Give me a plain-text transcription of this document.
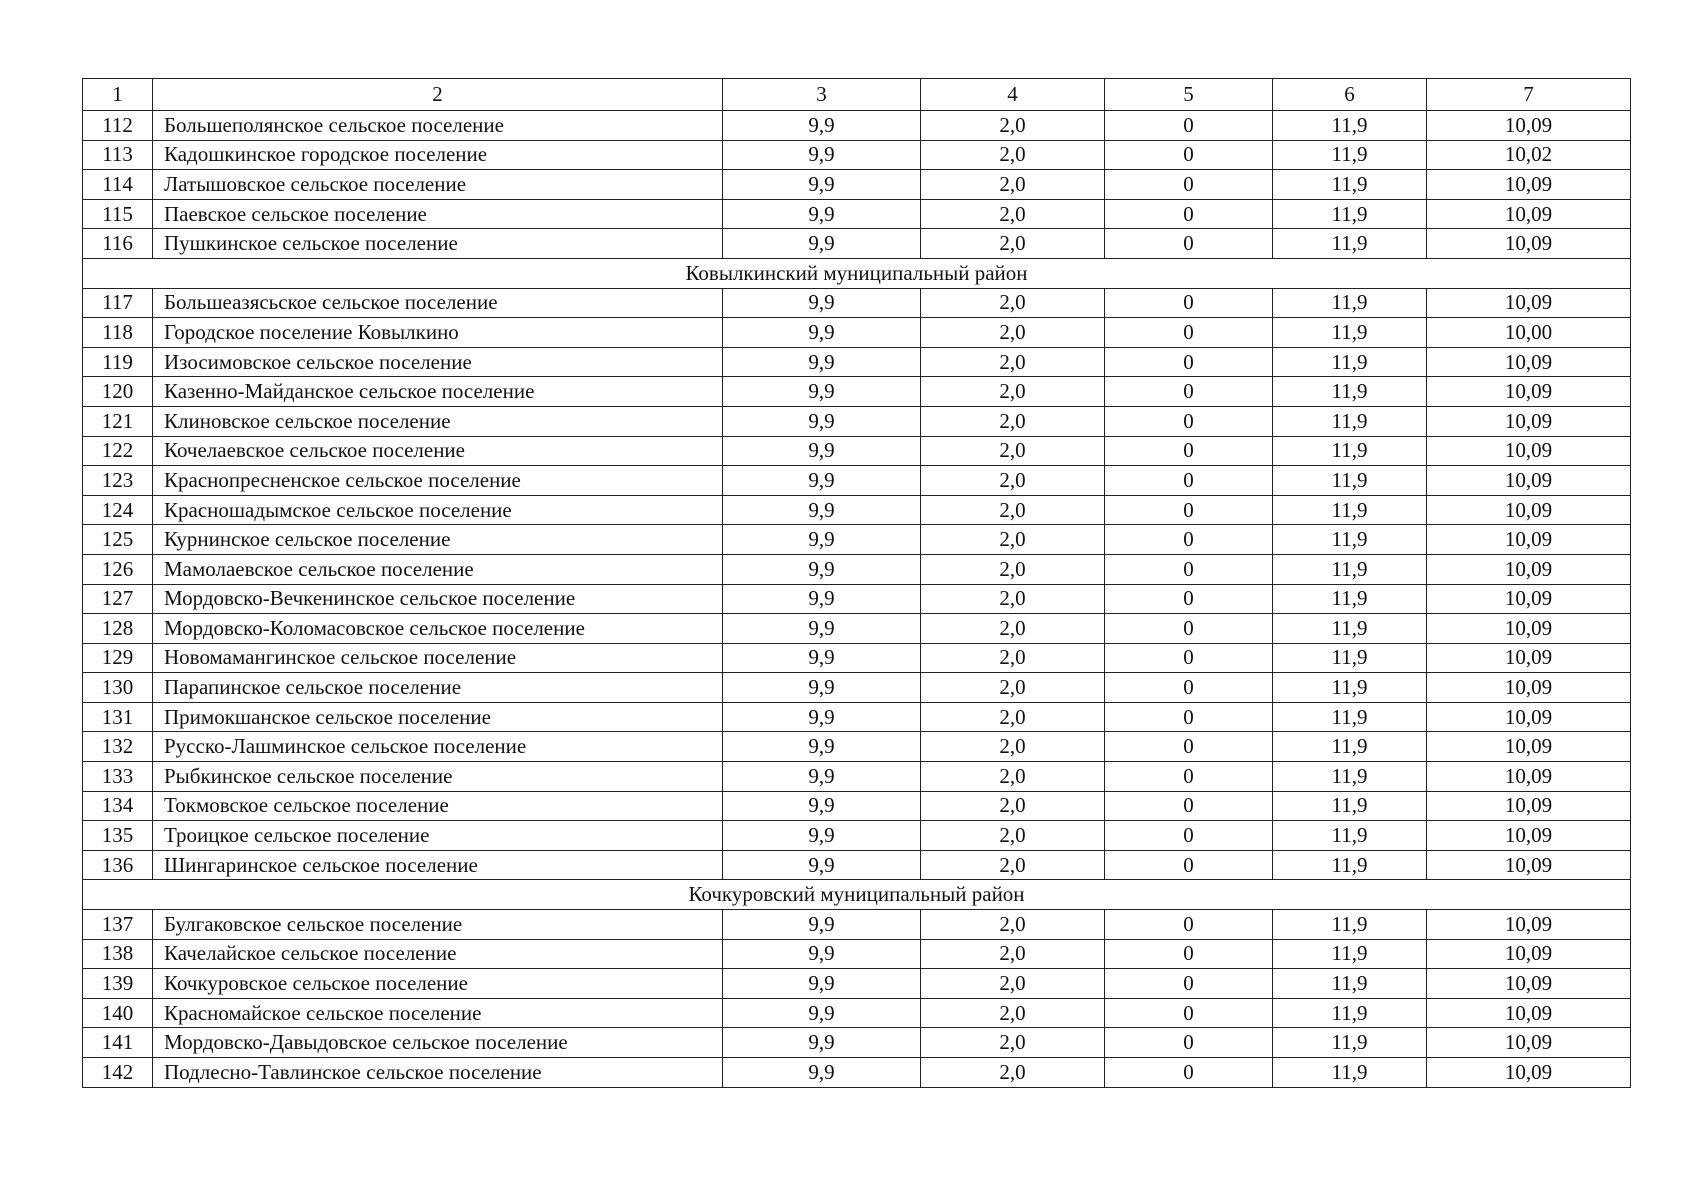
1	2	3	4	5	6	7
112	Большеполянское сельское поселение	9,9	2,0	0	11,9	10,09
113	Кадошкинское городское поселение	9,9	2,0	0	11,9	10,02
114	Латышовское сельское поселение	9,9	2,0	0	11,9	10,09
115	Паевское сельское поселение	9,9	2,0	0	11,9	10,09
116	Пушкинское сельское поселение	9,9	2,0	0	11,9	10,09
Ковылкинский муниципальный район						
117	Большеазясьское сельское поселение	9,9	2,0	0	11,9	10,09
118	Городское поселение Ковылкино	9,9	2,0	0	11,9	10,00
119	Изосимовское сельское поселение	9,9	2,0	0	11,9	10,09
120	Казенно-Майданское сельское поселение	9,9	2,0	0	11,9	10,09
121	Клиновское сельское поселение	9,9	2,0	0	11,9	10,09
122	Кочелаевское сельское поселение	9,9	2,0	0	11,9	10,09
123	Краснопресненское сельское поселение	9,9	2,0	0	11,9	10,09
124	Красношадымское сельское поселение	9,9	2,0	0	11,9	10,09
125	Курнинское сельское поселение	9,9	2,0	0	11,9	10,09
126	Мамолаевское сельское поселение	9,9	2,0	0	11,9	10,09
127	Мордовско-Вечкенинское сельское поселение	9,9	2,0	0	11,9	10,09
128	Мордовско-Коломасовское сельское поселение	9,9	2,0	0	11,9	10,09
129	Новомамангинское сельское поселение	9,9	2,0	0	11,9	10,09
130	Парапинское сельское поселение	9,9	2,0	0	11,9	10,09
131	Примокшанское сельское поселение	9,9	2,0	0	11,9	10,09
132	Русско-Лашминское сельское поселение	9,9	2,0	0	11,9	10,09
133	Рыбкинское сельское поселение	9,9	2,0	0	11,9	10,09
134	Токмовское сельское поселение	9,9	2,0	0	11,9	10,09
135	Троицкое сельское поселение	9,9	2,0	0	11,9	10,09
136	Шингаринское сельское поселение	9,9	2,0	0	11,9	10,09
Кочкуровский муниципальный район						
137	Булгаковское сельское поселение	9,9	2,0	0	11,9	10,09
138	Качелайское сельское поселение	9,9	2,0	0	11,9	10,09
139	Кочкуровское сельское поселение	9,9	2,0	0	11,9	10,09
140	Красномайское сельское поселение	9,9	2,0	0	11,9	10,09
141	Мордовско-Давыдовское сельское поселение	9,9	2,0	0	11,9	10,09
142	Подлесно-Тавлинское сельское поселение	9,9	2,0	0	11,9	10,09
